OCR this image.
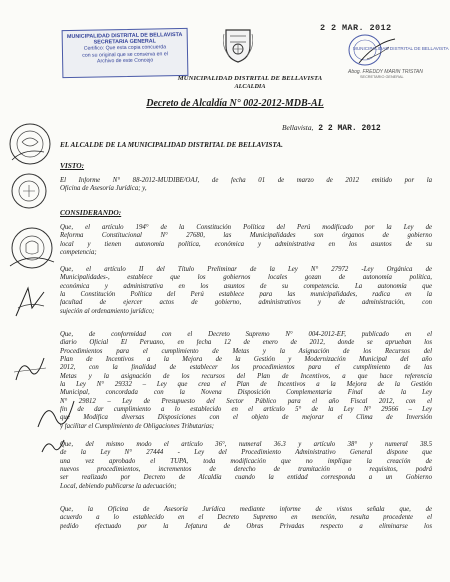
MUNICIPALIDAD DISTRITAL DE BELLAVISTA
SECRETARIA GENERAL
Certifico: Que esta copia concuerda
con su original que se conserva en el
Archivo de este Concejo
MUNICIPALIDAD DISTRITAL DE BELLAVISTA
ALCALDIA
2 2 MAR. 2012
MUNICIPALIDAD DISTRITAL DE BELLAVISTA
Abog. FREDDY MARIN TRISTAN
SECRETARIO GENERAL
Decreto de Alcaldía N° 002-2012-MDB-AL
Bellavista, 2 2 MAR. 2012
EL ALCALDE DE LA MUNICIPALIDAD DISTRITAL DE BELLAVISTA.
VISTO:
El Informe N° 88-2012-MUDIBE/OAJ, de fecha 01 de marzo de 2012 emitido por la
Oficina de Asesoría Jurídica; y,
CONSIDERANDO:
Que, el artículo 194° de la Constitución Política del Perú modificado por la Ley de
Reforma Constitucional N° 27680, las Municipalidades son órganos de gobierno
local y tienen autonomía política, económica y administrativa en los asuntos de su
competencia;
Que, el artículo II del Título Preliminar de la Ley N° 27972 -Ley Orgánica de
Municipalidades-, establece que los gobiernos locales gozan de autonomía política,
económica y administrativa en los asuntos de su competencia. La autonomía que
la Constitución Política del Perú establece para las municipalidades, radica en la
facultad de ejercer actos de gobierno, administrativos y de administración, con
sujeción al ordenamiento jurídico;
Que, de conformidad con el Decreto Supremo N° 004-2012-EF, publicado en el
diario Oficial El Peruano, en fecha 12 de enero de 2012, donde se aprueban los
Procedimientos para el cumplimiento de Metas y la Asignación de los Recursos del
Plan de Incentivos a la Mejora de la Gestión y Modernización Municipal del año
2012, con la finalidad de establecer los procedimientos para el cumplimiento de las
Metas y la asignación de los recursos del Plan de Incentivos, a que hace referencia
la Ley N° 29332 – Ley que crea el Plan de Incentivos a la Mejora de la Gestión
Municipal, concordada con la Novena Disposición Complementaria Final de la Ley
N° 29812 – Ley de Presupuesto del Sector Público para el año Fiscal 2012, con el
fin de dar cumplimiento a lo establecido en el artículo 5° de la Ley N° 29566 – Ley
que Modifica diversas Disposiciones con el objeto de mejorar el Clima de Inversión
y facilitar el Cumplimiento de Obligaciones Tributarias;
Que, del mismo modo el artículo 36°, numeral 36.3 y artículo 38° y numeral 38.5
de la Ley N° 27444 - Ley del Procedimiento Administrativo General dispone que
una vez aprobado el TUPA, toda modificación que no implique la creación de
nuevos procedimientos, incrementos de derecho de tramitación o requisitos, podrá
ser realizado por Decreto de Alcaldía cuando la entidad corresponda a un Gobierno
Local, debiendo publicarse la adecuación;
Que, la Oficina de Asesoría Jurídica mediante informe de vistos señala que, de
acuerdo a lo establecido en el Decreto Supremo en mención, resulta procedente el
pedido efectuado por la Jefatura de Obras Privadas respecto a eliminarse los
